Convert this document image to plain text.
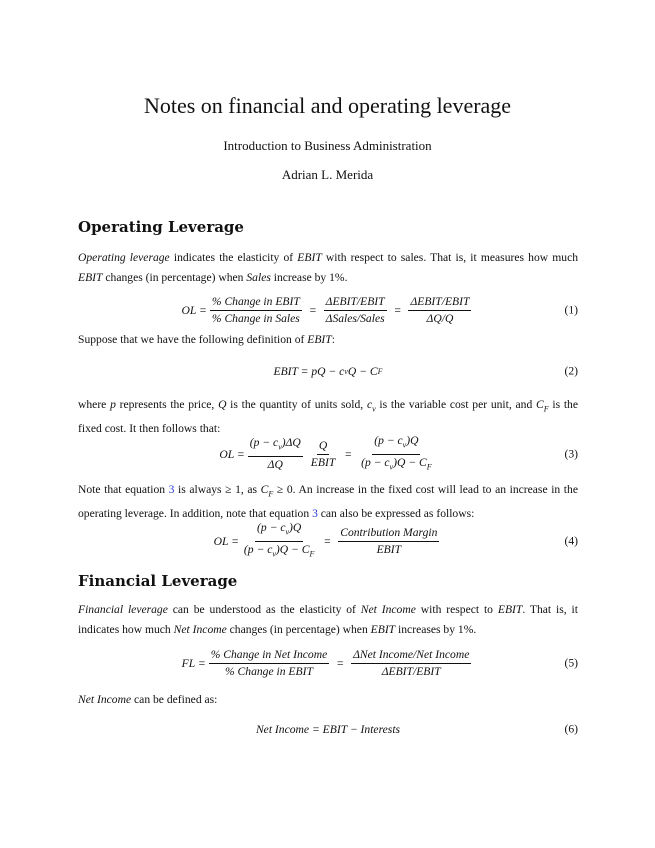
Notes on financial and operating leverage
Introduction to Business Administration
Adrian L. Merida
Operating Leverage
Operating leverage indicates the elasticity of EBIT with respect to sales. That is, it measures how much EBIT changes (in percentage) when Sales increase by 1%.
OL = $\frac{\text{\% Change in EBIT}}{\text{\% Change in Sales}} = \frac{\text{ΔEBIT/EBIT}}{\text{ΔSales/Sales}} = \frac{\text{ΔEBIT/EBIT}}{\Delta Q/Q}$	(1)
Suppose that we have the following definition of EBIT:
EBIT = pQ − c v Q − C F	(2)
where p represents the price, Q is the quantity of units sold, $c_v$ is the variable cost per unit, and $C_F$ is the fixed cost. It then follows that:
OL = $\frac{(p - c_v)\Delta Q}{\Delta Q} \frac{Q}{\text{EBIT}} = \frac{(p - c_v)Q}{(p - c_v)Q - C_F}$	(3)
Note that equation 3 is always ≥ 1, as $C_F \ge 0$. An increase in the fixed cost will lead to an increase in the operating leverage. In addition, note that equation 3 can also be expressed as follows:
OL = $\frac{(p - c_v)Q}{(p - c_v)Q - C_F} = \frac{\text{Contribution Margin}}{\text{EBIT}}$	(4)
Financial Leverage
Financial leverage can be understood as the elasticity of Net Income with respect to EBIT. That is, it indicates how much Net Income changes (in percentage) when EBIT increases by 1%.
FL = $\frac{\text{\% Change in Net Income}}{\text{\% Change in EBIT}} = \frac{\text{ΔNet Income/Net Income}}{\text{ΔEBIT/EBIT}}$	(5)
Net Income can be defined as:
Net Income = EBIT − Interests	(6)
